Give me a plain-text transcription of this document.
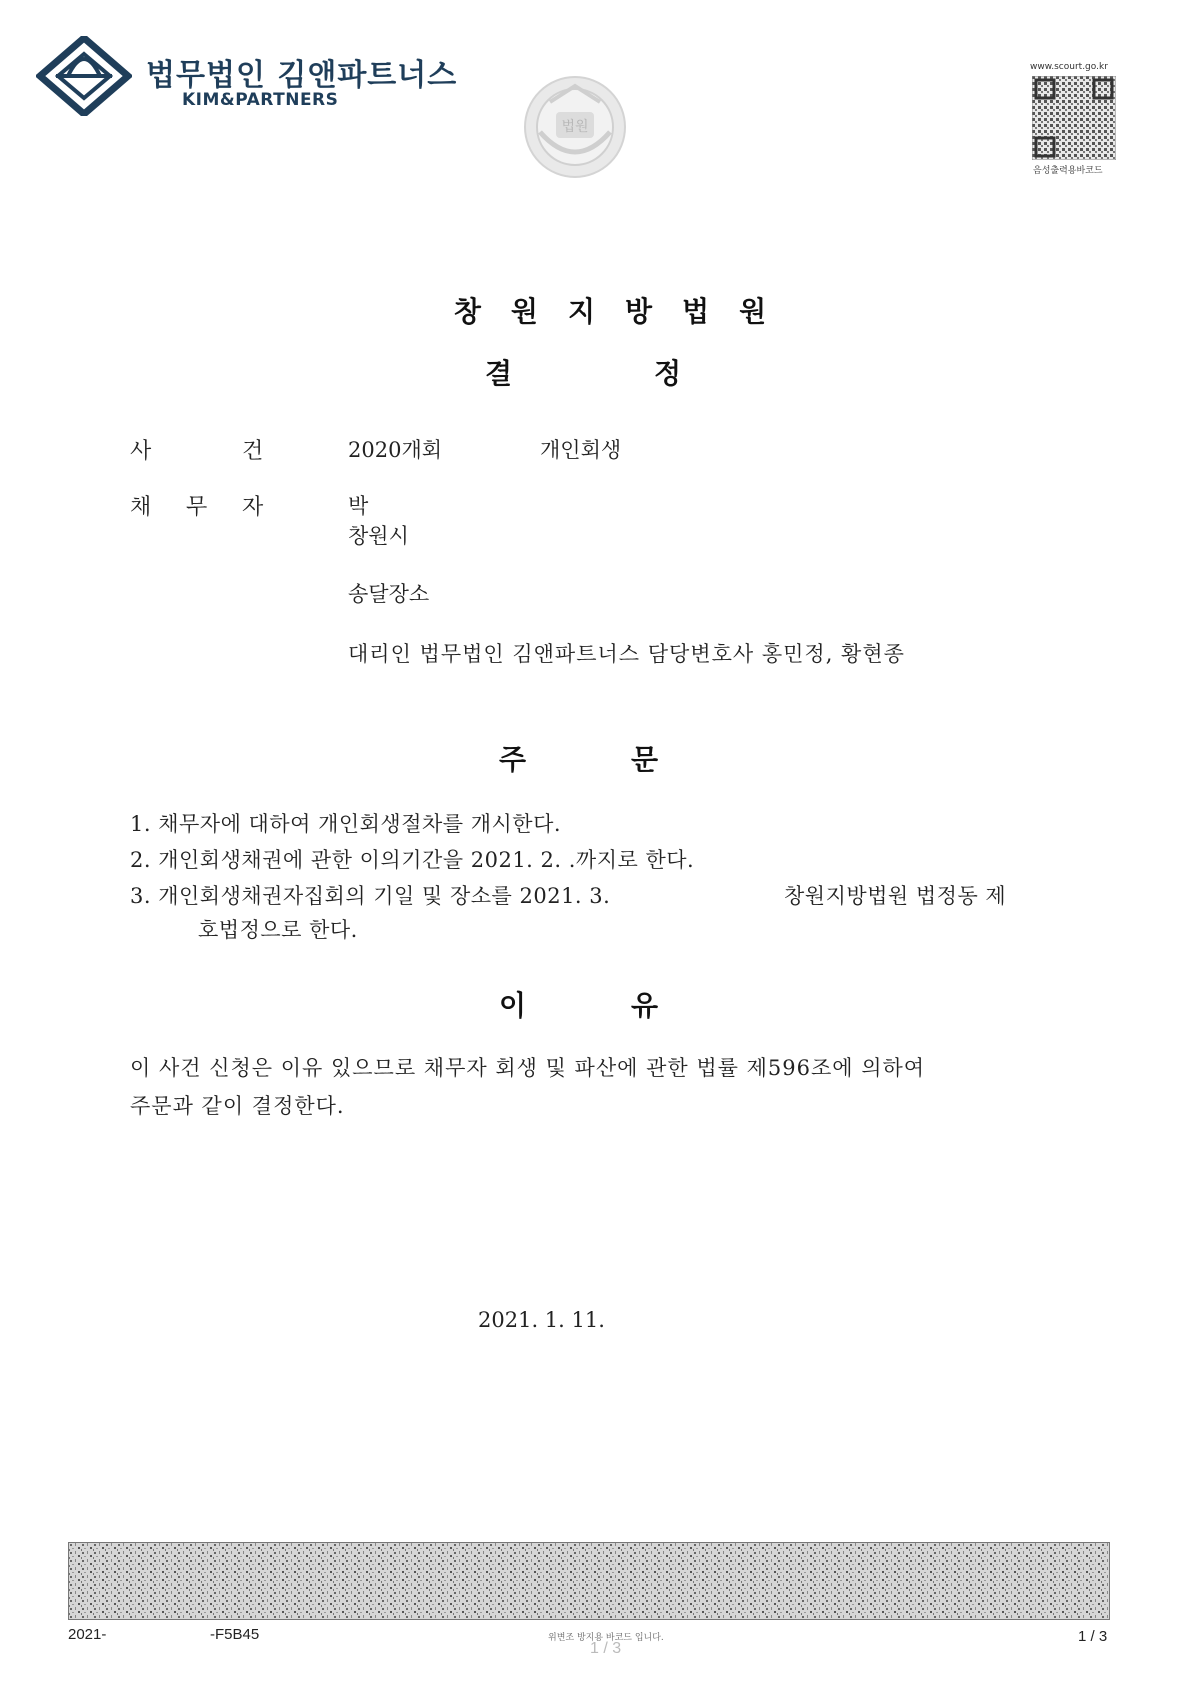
법무법인 김앤파트너스
KIM&PARTNERS
법원
www.scourt.go.kr
음성출력용바코드
창원지방법원
결	정
사	건	2020개회	개인회생
채 무 자	박
창원시
송달장소
대리인 법무법인 김앤파트너스 담당변호사 홍민정, 황현종
주	문
1. 채무자에 대하여 개인회생절차를 개시한다.
2. 개인회생채권에 관한 이의기간을 2021. 2. .까지로 한다.
3. 개인회생채권자집회의 기일 및 장소를 2021. 3.	창원지방법원 법정동 제
호법정으로 한다.
이	유
이 사건 신청은 이유 있으므로 채무자 회생 및 파산에 관한 법률 제596조에 의하여
주문과 같이 결정한다.
2021. 1. 11.
2021-	-F5B45	위변조 방지용 바코드 입니다.
1 / 3
1 / 3
